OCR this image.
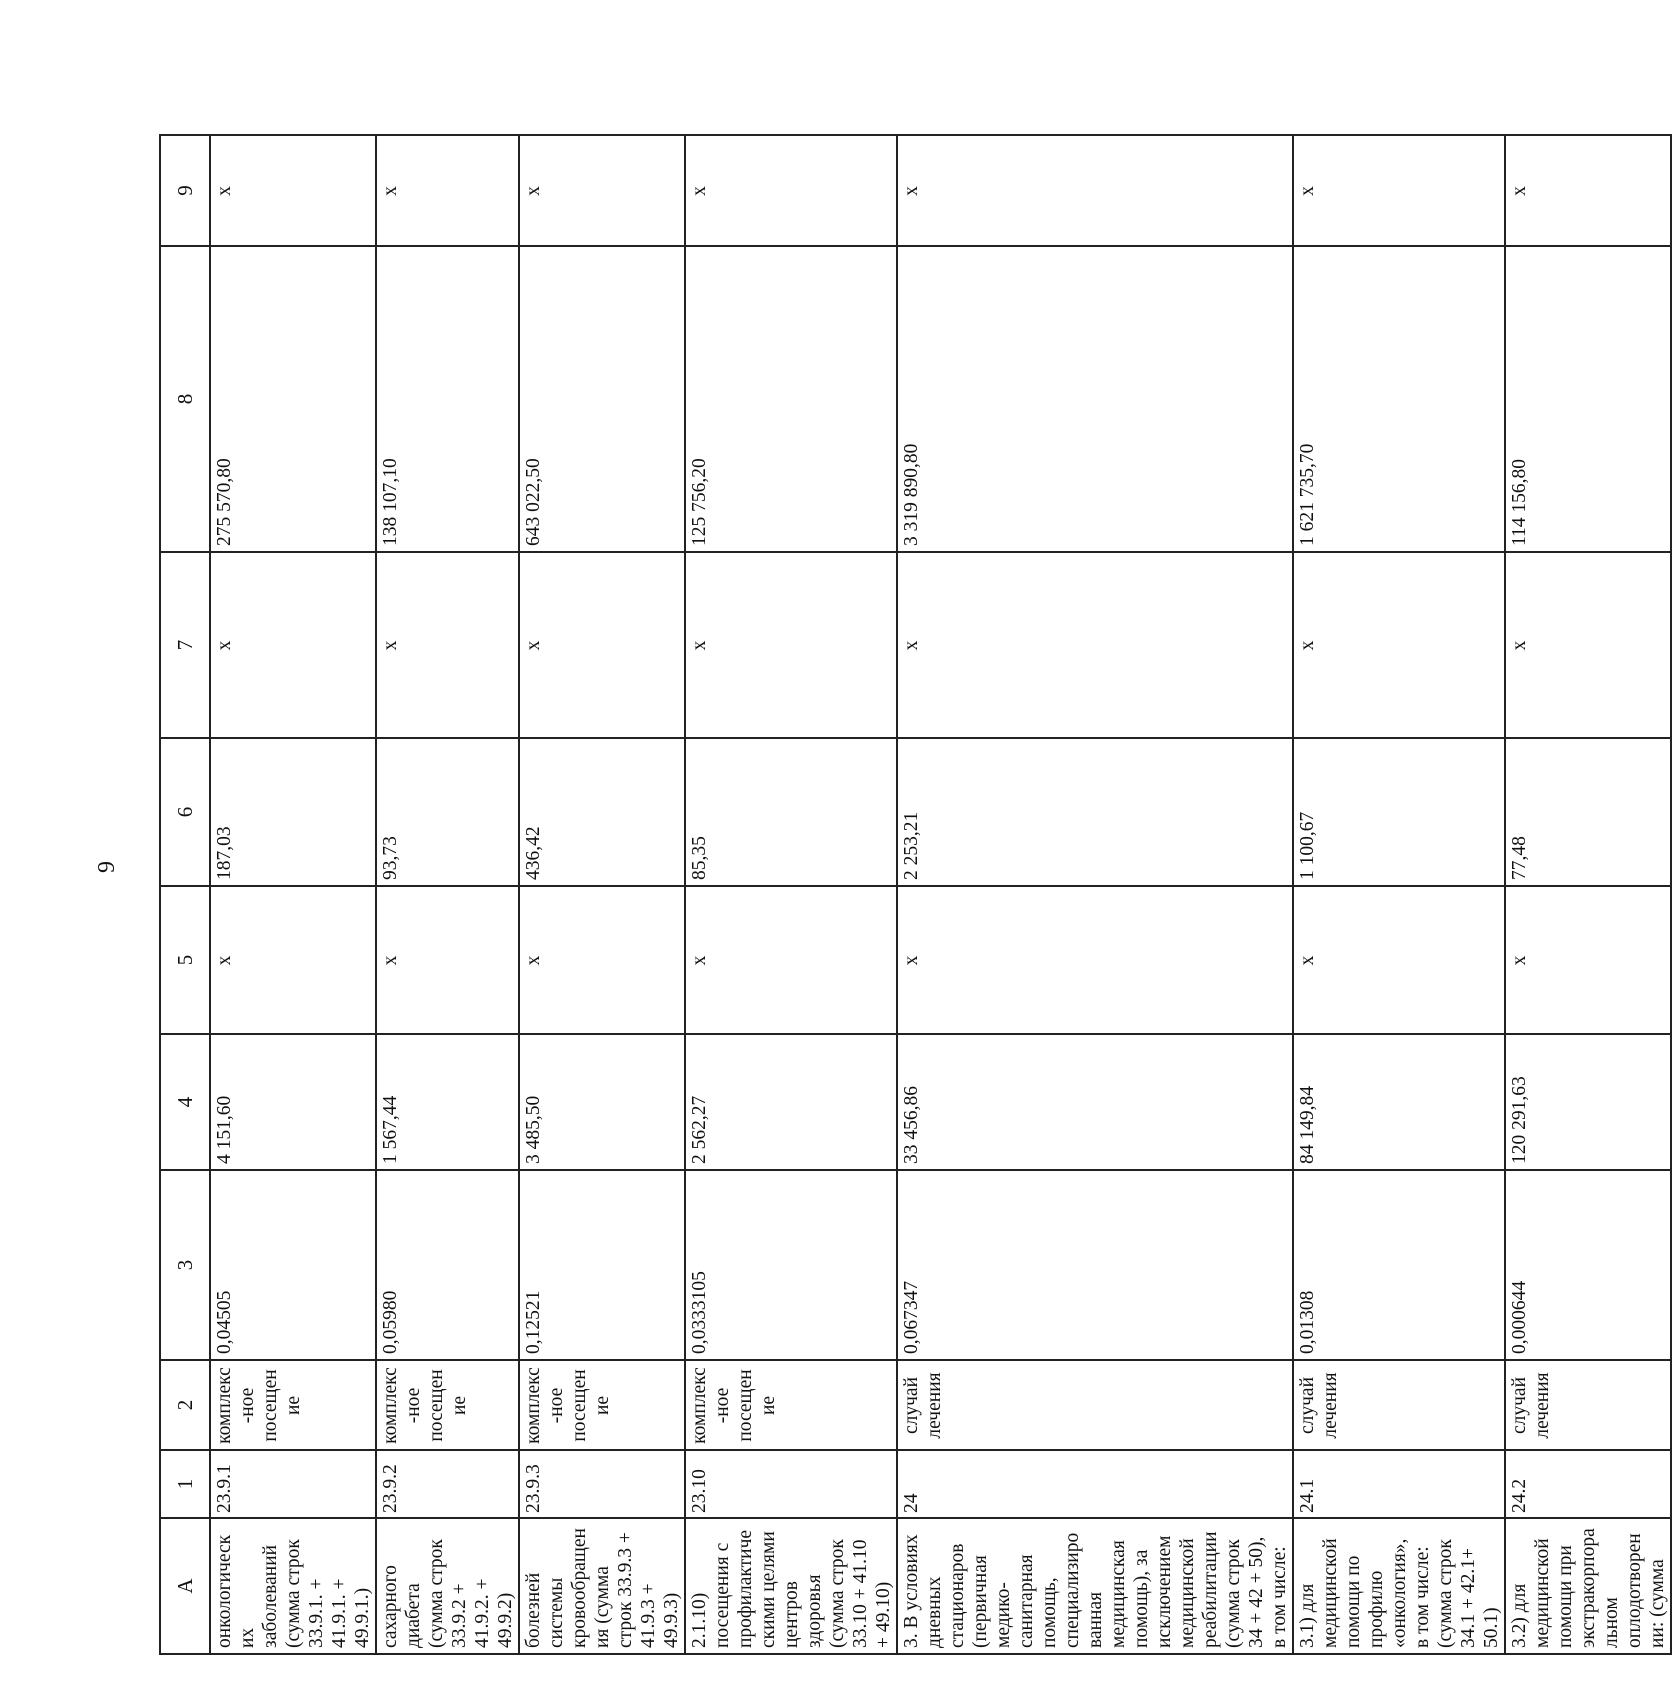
9
A	1	2	3	4	5	6	7	8	9
онкологических заболеваний (сумма строк 33.9.1. + 41.9.1. + 49.9.1.)	23.9.1	комплекс-ное посещение	0,04505	4 151,60	x	187,03	x	275 570,80	x
сахарного диабета (сумма строк 33.9.2 + 41.9.2. + 49.9.2)	23.9.2	комплекс-ное посещение	0,05980	1 567,44	x	93,73	x	138 107,10	x
болезней системы кровообращения (сумма строк 33.9.3 + 41.9.3 + 49.9.3)	23.9.3	комплекс-ное посещение	0,12521	3 485,50	x	436,42	x	643 022,50	x
2.1.10) посещения с профилактическими целями центров здоровья (сумма строк 33.10 + 41.10 + 49.10)	23.10	комплекс-ное посещение	0,0333105	2 562,27	x	85,35	x	125 756,20	x
3. В условиях дневных стационаров (первичная медико-санитарная помощь, специализированная медицинская помощь), за исключением медицинской реабилитации (сумма строк 34 + 42 + 50), в том числе:	24	случай лечения	0,067347	33 456,86	x	2 253,21	x	3 319 890,80	x
3.1) для медицинской помощи по профилю «онкология», в том числе: (сумма строк 34.1 + 42.1+ 50.1)	24.1	случай лечения	0,01308	84 149,84	x	1 100,67	x	1 621 735,70	x
3.2) для медицинской помощи при экстракорпоральном оплодотворении: (сумма	24.2	случай лечения	0,000644	120 291,63	x	77,48	x	114 156,80	x
